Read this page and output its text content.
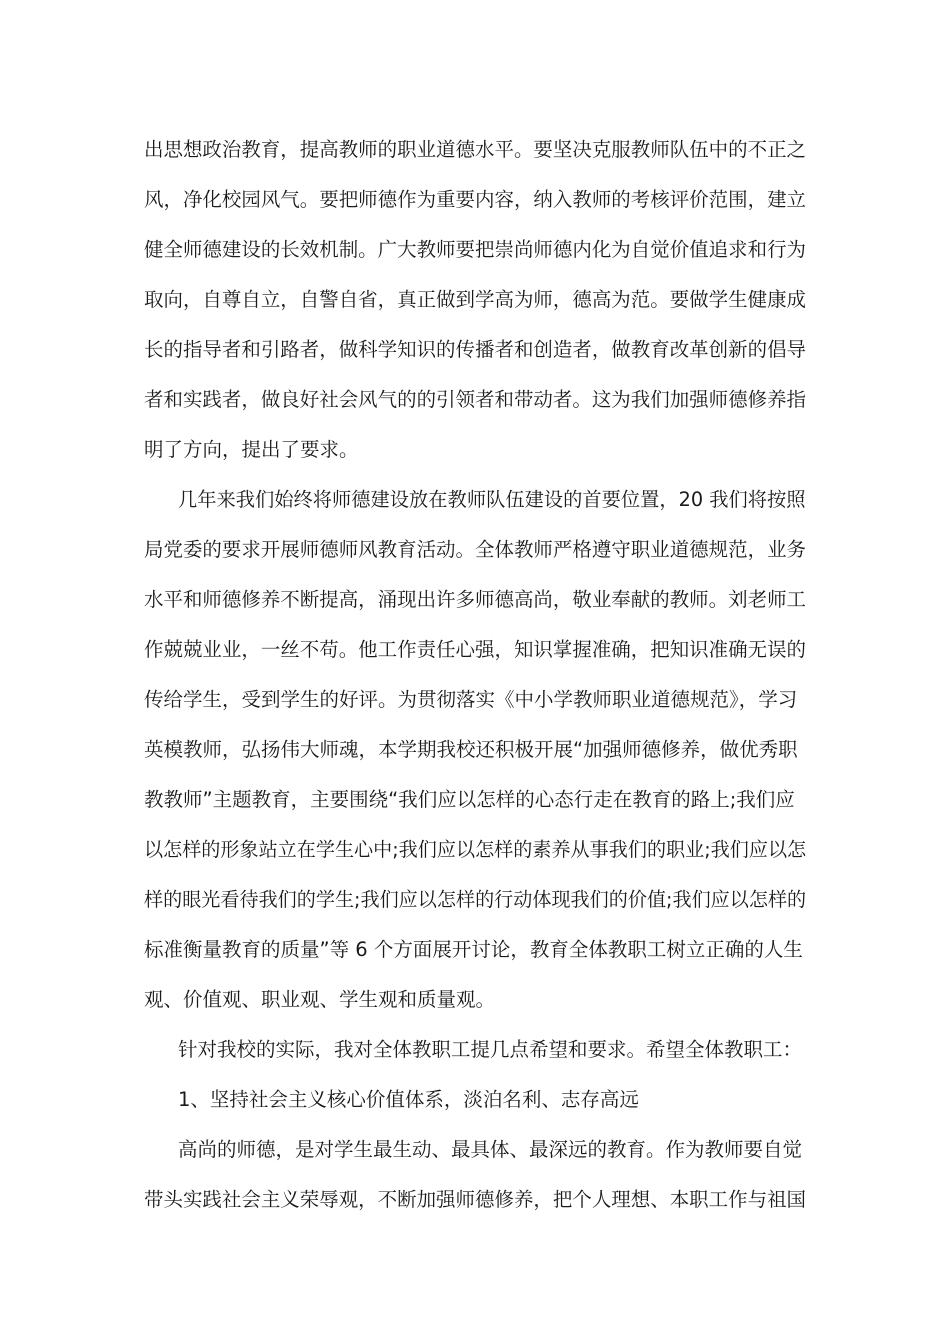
出思想政治教育，提高教师的职业道德水平。要坚决克服教师队伍中的不正之
风，净化校园风气。要把师德作为重要内容，纳入教师的考核评价范围，建立
健全师德建设的长效机制。广大教师要把崇尚师德内化为自觉价值追求和行为
取向，自尊自立，自警自省，真正做到学高为师，德高为范。要做学生健康成
长的指导者和引路者，做科学知识的传播者和创造者，做教育改革创新的倡导
者和实践者，做良好社会风气的的引领者和带动者。这为我们加强师德修养指
明了方向，提出了要求。
几年来我们始终将师德建设放在教师队伍建设的首要位置，20 我们将按照
局党委的要求开展师德师风教育活动。全体教师严格遵守职业道德规范，业务
水平和师德修养不断提高，涌现出许多师德高尚，敬业奉献的教师。刘老师工
作兢兢业业，一丝不苟。他工作责任心强，知识掌握准确，把知识准确无误的
传给学生，受到学生的好评。为贯彻落实《中小学教师职业道德规范》，学习
英模教师，弘扬伟大师魂，本学期我校还积极开展“加强师德修养，做优秀职
教教师”主题教育，主要围绕“我们应以怎样的心态行走在教育的路上;我们应
以怎样的形象站立在学生心中;我们应以怎样的素养从事我们的职业;我们应以怎
样的眼光看待我们的学生;我们应以怎样的行动体现我们的价值;我们应以怎样的
标准衡量教育的质量”等 6 个方面展开讨论，教育全体教职工树立正确的人生
观、价值观、职业观、学生观和质量观。
针对我校的实际，我对全体教职工提几点希望和要求。希望全体教职工：
1、坚持社会主义核心价值体系，淡泊名利、志存高远
高尚的师德，是对学生最生动、最具体、最深远的教育。作为教师要自觉
带头实践社会主义荣辱观，不断加强师德修养，把个人理想、本职工作与祖国
